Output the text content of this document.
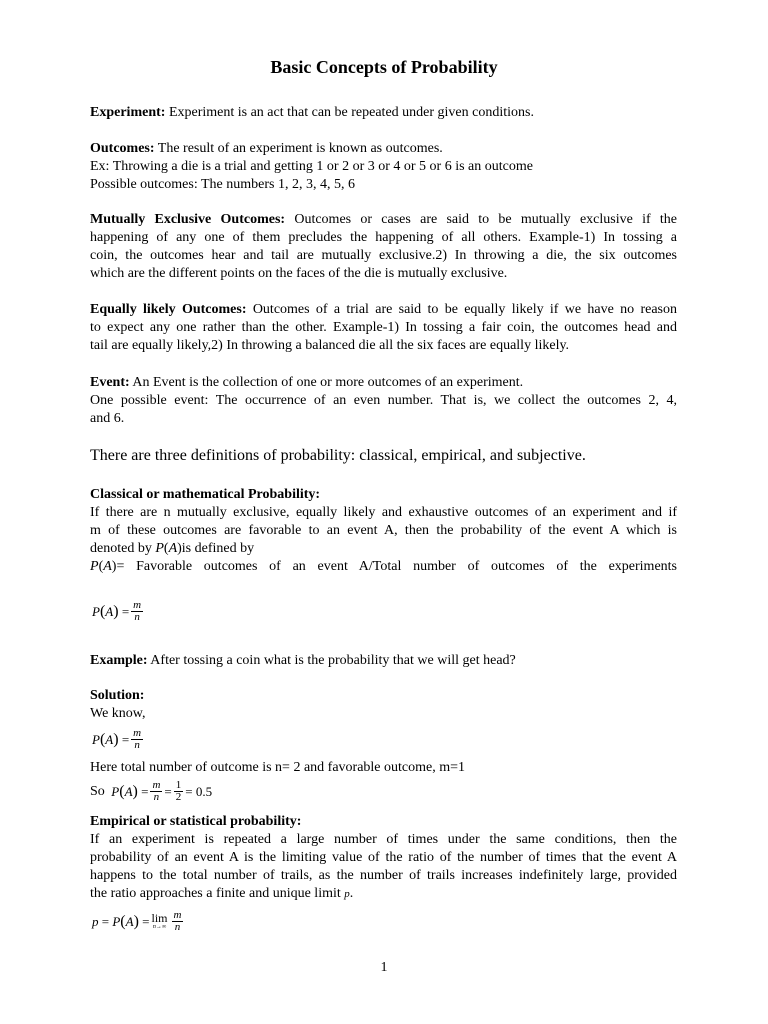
Basic Concepts of Probability
Experiment: Experiment is an act that can be repeated under given conditions.
Outcomes: The result of an experiment is known as outcomes.
Ex: Throwing a die is a trial and getting 1 or 2 or 3 or 4 or 5 or 6 is an outcome
Possible outcomes: The numbers 1, 2, 3, 4, 5, 6
Mutually Exclusive Outcomes: Outcomes or cases are said to be mutually exclusive if the
happening of any one of them precludes the happening of all others. Example-1) In tossing a
coin, the outcomes hear and tail are mutually exclusive.2) In throwing a die, the six outcomes
which are the different points on the faces of the die is mutually exclusive.
Equally likely Outcomes: Outcomes of a trial are said to be equally likely if we have no reason
to expect any one rather than the other. Example-1) In tossing a fair coin, the outcomes head and
tail are equally likely,2) In throwing a balanced die all the six faces are equally likely.
Event: An Event is the collection of one or more outcomes of an experiment.
One possible event: The occurrence of an even number. That is, we collect the outcomes 2, 4,
and 6.
There are three definitions of probability: classical, empirical, and subjective.
Classical or mathematical Probability:
If there are n mutually exclusive, equally likely and exhaustive outcomes of an experiment and if
m of these outcomes are favorable to an event A, then the probability of the event A which is
denoted by P(A)is defined by
P(A)= Favorable outcomes of an event A/Total number of outcomes of the experiments
P ( A )
= $\frac{m}{n}$
Example: After tossing a coin what is the probability that we will get head?
Solution:
We know,
P ( A )
= $\frac{m}{n}$
Here total number of outcome is n= 2 and favorable outcome, m=1
So
P ( A )
= $\frac{m}{n} = \frac{1}{2}$ =
0.5
Empirical or statistical probability:
If an experiment is repeated a large number of times under the same conditions, then the
probability of an event A is the limiting value of the ratio of the number of times that the event A
happens to the total number of trails, as the number of trails increases indefinitely large, provided
the ratio approaches a finite and unique limit p.
p
=
P ( A )
= lim
$n\to\infty \frac{m}{n}$
1
